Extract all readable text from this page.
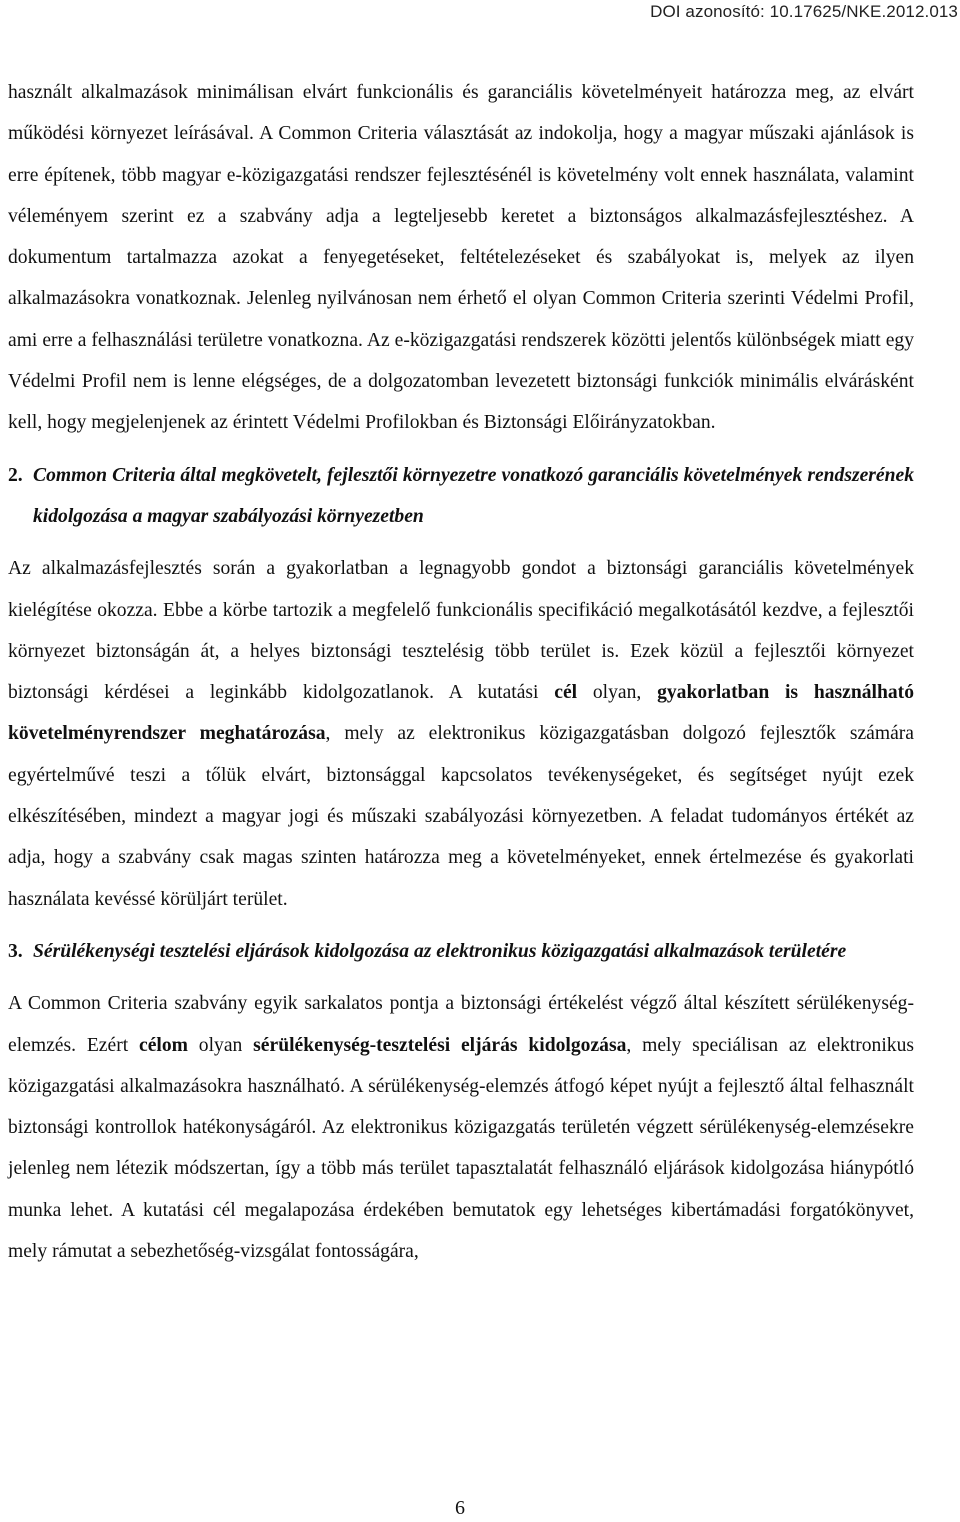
DOI azonosító: 10.17625/NKE.2012.013

használt alkalmazások minimálisan elvárt funkcionális és garanciális követelményeit határozza meg, az elvárt működési környezet leírásával. A Common Criteria választását az indokolja, hogy a magyar műszaki ajánlások is erre építenek, több magyar e-közigazgatási rendszer fejlesztésénél is követelmény volt ennek használata, valamint véleményem szerint ez a szabvány adja a legteljesebb keretet a biztonságos alkalmazásfejlesztéshez. A dokumentum tartalmazza azokat a fenyegetéseket, feltételezéseket és szabályokat is, melyek az ilyen alkalmazásokra vonatkoznak. Jelenleg nyilvánosan nem érhető el olyan Common Criteria szerinti Védelmi Profil, ami erre a felhasználási területre vonatkozna. Az e-közigazgatási rendszerek közötti jelentős különbségek miatt egy Védelmi Profil nem is lenne elégséges, de a dolgozatomban levezetett biztonsági funkciók minimális elvárásként kell, hogy megjelenjenek az érintett Védelmi Profilokban és Biztonsági Előirányzatokban.

2. Common Criteria által megkövetelt, fejlesztői környezetre vonatkozó garanciális követelmények rendszerének kidolgozása a magyar szabályozási környezetben

Az alkalmazásfejlesztés során a gyakorlatban a legnagyobb gondot a biztonsági garanciális követelmények kielégítése okozza. Ebbe a körbe tartozik a megfelelő funkcionális specifikáció megalkotásától kezdve, a fejlesztői környezet biztonságán át, a helyes biztonsági tesztelésig több terület is. Ezek közül a fejlesztői környezet biztonsági kérdései a leginkább kidolgozatlanok. A kutatási cél olyan, gyakorlatban is használható követelményrendszer meghatározása, mely az elektronikus közigazgatásban dolgozó fejlesztők számára egyértelművé teszi a tőlük elvárt, biztonsággal kapcsolatos tevékenységeket, és segítséget nyújt ezek elkészítésében, mindezt a magyar jogi és műszaki szabályozási környezetben. A feladat tudományos értékét az adja, hogy a szabvány csak magas szinten határozza meg a követelményeket, ennek értelmezése és gyakorlati használata kevéssé körüljárt terület.

3. Sérülékenységi tesztelési eljárások kidolgozása az elektronikus közigazgatási alkalmazások területére

A Common Criteria szabvány egyik sarkalatos pontja a biztonsági értékelést végző által készített sérülékenység-elemzés. Ezért célom olyan sérülékenység-tesztelési eljárás kidolgozása, mely speciálisan az elektronikus közigazgatási alkalmazásokra használható. A sérülékenység-elemzés átfogó képet nyújt a fejlesztő által felhasznált biztonsági kontrollok hatékonyságáról. Az elektronikus közigazgatás területén végzett sérülékenység-elemzésekre jelenleg nem létezik módszertan, így a több más terület tapasztalatát felhasználó eljárások kidolgozása hiánypótló munka lehet. A kutatási cél megalapozása érdekében bemutatok egy lehetséges kibertámadási forgatókönyvet, mely rámutat a sebezhetőség-vizsgálat fontosságára,

6
